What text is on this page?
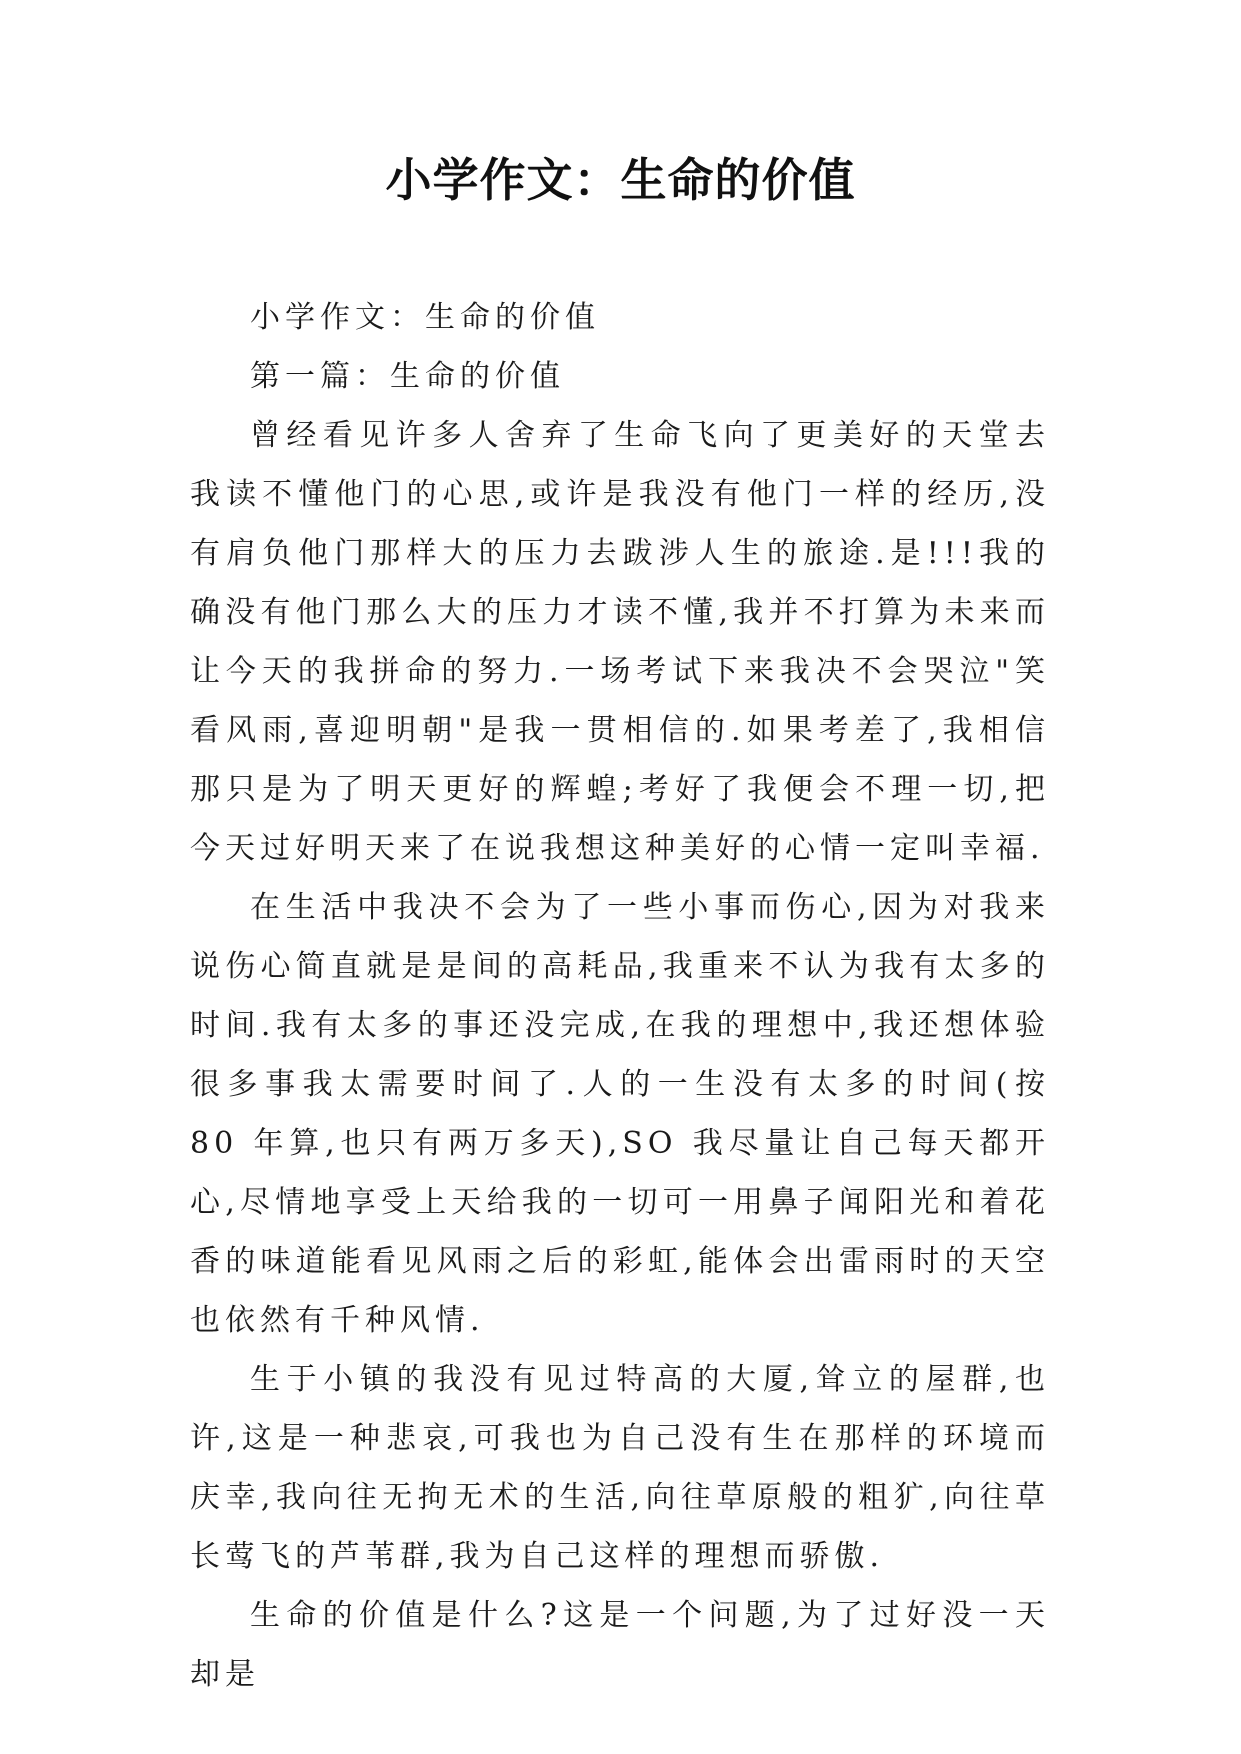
小学作文：生命的价值

小学作文：生命的价值

第一篇：生命的价值

曾经看见许多人舍弃了生命飞向了更美好的天堂去我读不懂他门的心思,或许是我没有他门一样的经历,没有肩负他门那样大的压力去跋涉人生的旅途.是!!!我的确没有他门那么大的压力才读不懂,我并不打算为未来而让今天的我拼命的努力.一场考试下来我决不会哭泣"笑看风雨,喜迎明朝"是我一贯相信的.如果考差了,我相信那只是为了明天更好的辉蝗;考好了我便会不理一切,把今天过好明天来了在说我想这种美好的心情一定叫幸福.

在生活中我决不会为了一些小事而伤心,因为对我来说伤心简直就是是间的高耗品,我重来不认为我有太多的时间.我有太多的事还没完成,在我的理想中,我还想体验很多事我太需要时间了.人的一生没有太多的时间(按 80 年算,也只有两万多天),SO 我尽量让自己每天都开心,尽情地享受上天给我的一切可一用鼻子闻阳光和着花香的味道能看见风雨之后的彩虹,能体会出雷雨时的天空也依然有千种风情.

生于小镇的我没有见过特高的大厦,耸立的屋群,也许,这是一种悲哀,可我也为自己没有生在那样的环境而庆幸,我向往无拘无术的生活,向往草原般的粗犷,向往草长莺飞的芦苇群,我为自己这样的理想而骄傲.

生命的价值是什么?这是一个问题,为了过好没一天却是
